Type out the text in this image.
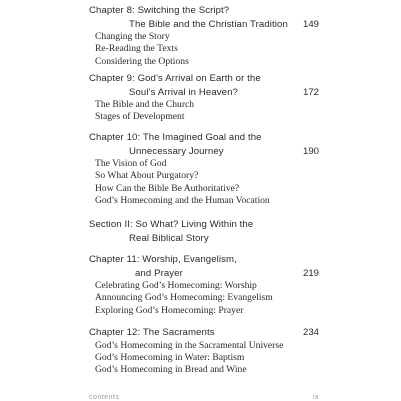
Chapter 8: Switching the Script?
The Bible and the Christian Tradition	149
Changing the Story
Re-Reading the Texts
Considering the Options
Chapter 9: God’s Arrival on Earth or the
Soul’s Arrival in Heaven?	172
The Bible and the Church
Stages of Development
Chapter 10: The Imagined Goal and the
Unnecessary Journey	190
The Vision of God
So What About Purgatory?
How Can the Bible Be Authoritative?
God’s Homecoming and the Human Vocation
Section II: So What? Living Within the
Real Biblical Story
Chapter 11: Worship, Evangelism,
and Prayer	219
Celebrating God’s Homecoming: Worship
Announcing God’s Homecoming: Evangelism
Exploring God’s Homecoming: Prayer
Chapter 12: The Sacraments	234
God’s Homecoming in the Sacramental Universe
God’s Homecoming in Water: Baptism
God’s Homecoming in Bread and Wine
contents	ix
